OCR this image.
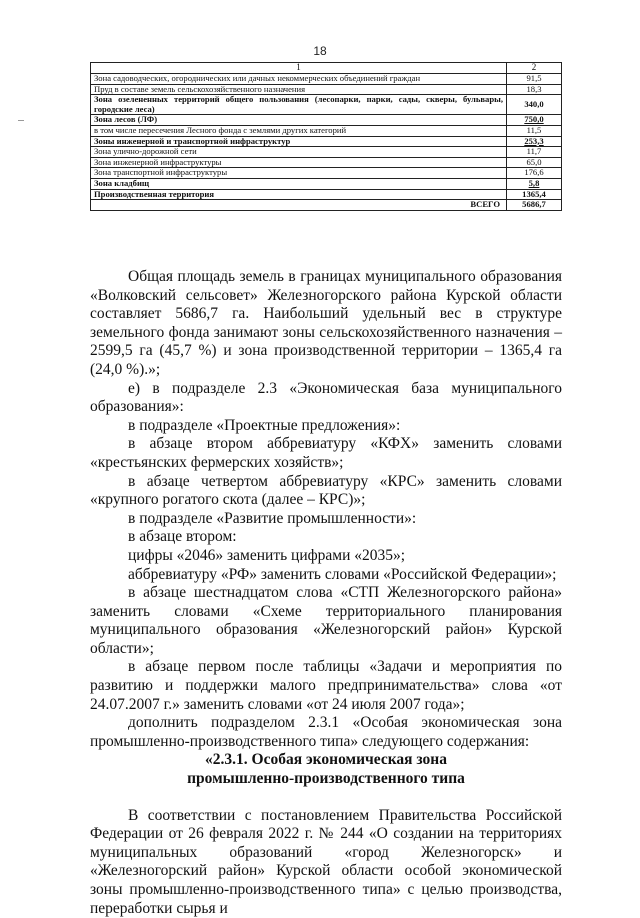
18
1	2
Зона садоводческих, огороднических или дачных некоммерческих объединений граждан	91,5
Пруд в составе земель сельскохозяйственного назначения	18,3
Зона озелененных территорий общего пользования (лесопарки, парки, сады, скверы, бульвары, городские леса)	340,0
Зона лесов (ЛФ)	750,0
в том числе пересечения Лесного фонда с землями других категорий	11,5
Зоны инженерной и транспортной инфраструктур	253,3
Зона улично-дорожной сети	11,7
Зона инженерной инфраструктуры	65,0
Зона транспортной инфраструктуры	176,6
Зона кладбищ	5,8
Производственная территория	1365,4
ВСЕГО	5686,7

Общая площадь земель в границах муниципального образования «Волковский сельсовет» Железногорского района Курской области составляет 5686,7 га. Наибольший удельный вес в структуре земельного фонда занимают зоны сельскохозяйственного назначения – 2599,5 га (45,7 %) и зона производственной территории – 1365,4 га (24,0 %).»;

е) в подразделе 2.3 «Экономическая база муниципального образования»:

в подразделе «Проектные предложения»:

в абзаце втором аббревиатуру «КФХ» заменить словами «крестьянских фермерских хозяйств»;

в абзаце четвертом аббревиатуру «КРС» заменить словами «крупного рогатого скота (далее – КРС)»;

в подразделе «Развитие промышленности»:

в абзаце втором:

цифры «2046» заменить цифрами «2035»;

аббревиатуру «РФ» заменить словами «Российской Федерации»;

в абзаце шестнадцатом слова «СТП Железногорского района» заменить словами «Схеме территориального планирования муниципального образования «Железногорский район» Курской области»;

в абзаце первом после таблицы «Задачи и мероприятия по развитию и поддержки малого предпринимательства» слова «от 24.07.2007 г.» заменить словами «от 24 июля 2007 года»;

дополнить подразделом 2.3.1 «Особая экономическая зона промышленно-производственного типа» следующего содержания:

«2.3.1. Особая экономическая зона

промышленно-производственного типа

В соответствии с постановлением Правительства Российской Федерации от 26 февраля 2022 г. № 244 «О создании на территориях муниципальных образований «город Железногорск» и «Железногорский район» Курской области особой экономической зоны промышленно-производственного типа» с целью производства, переработки сырья и
